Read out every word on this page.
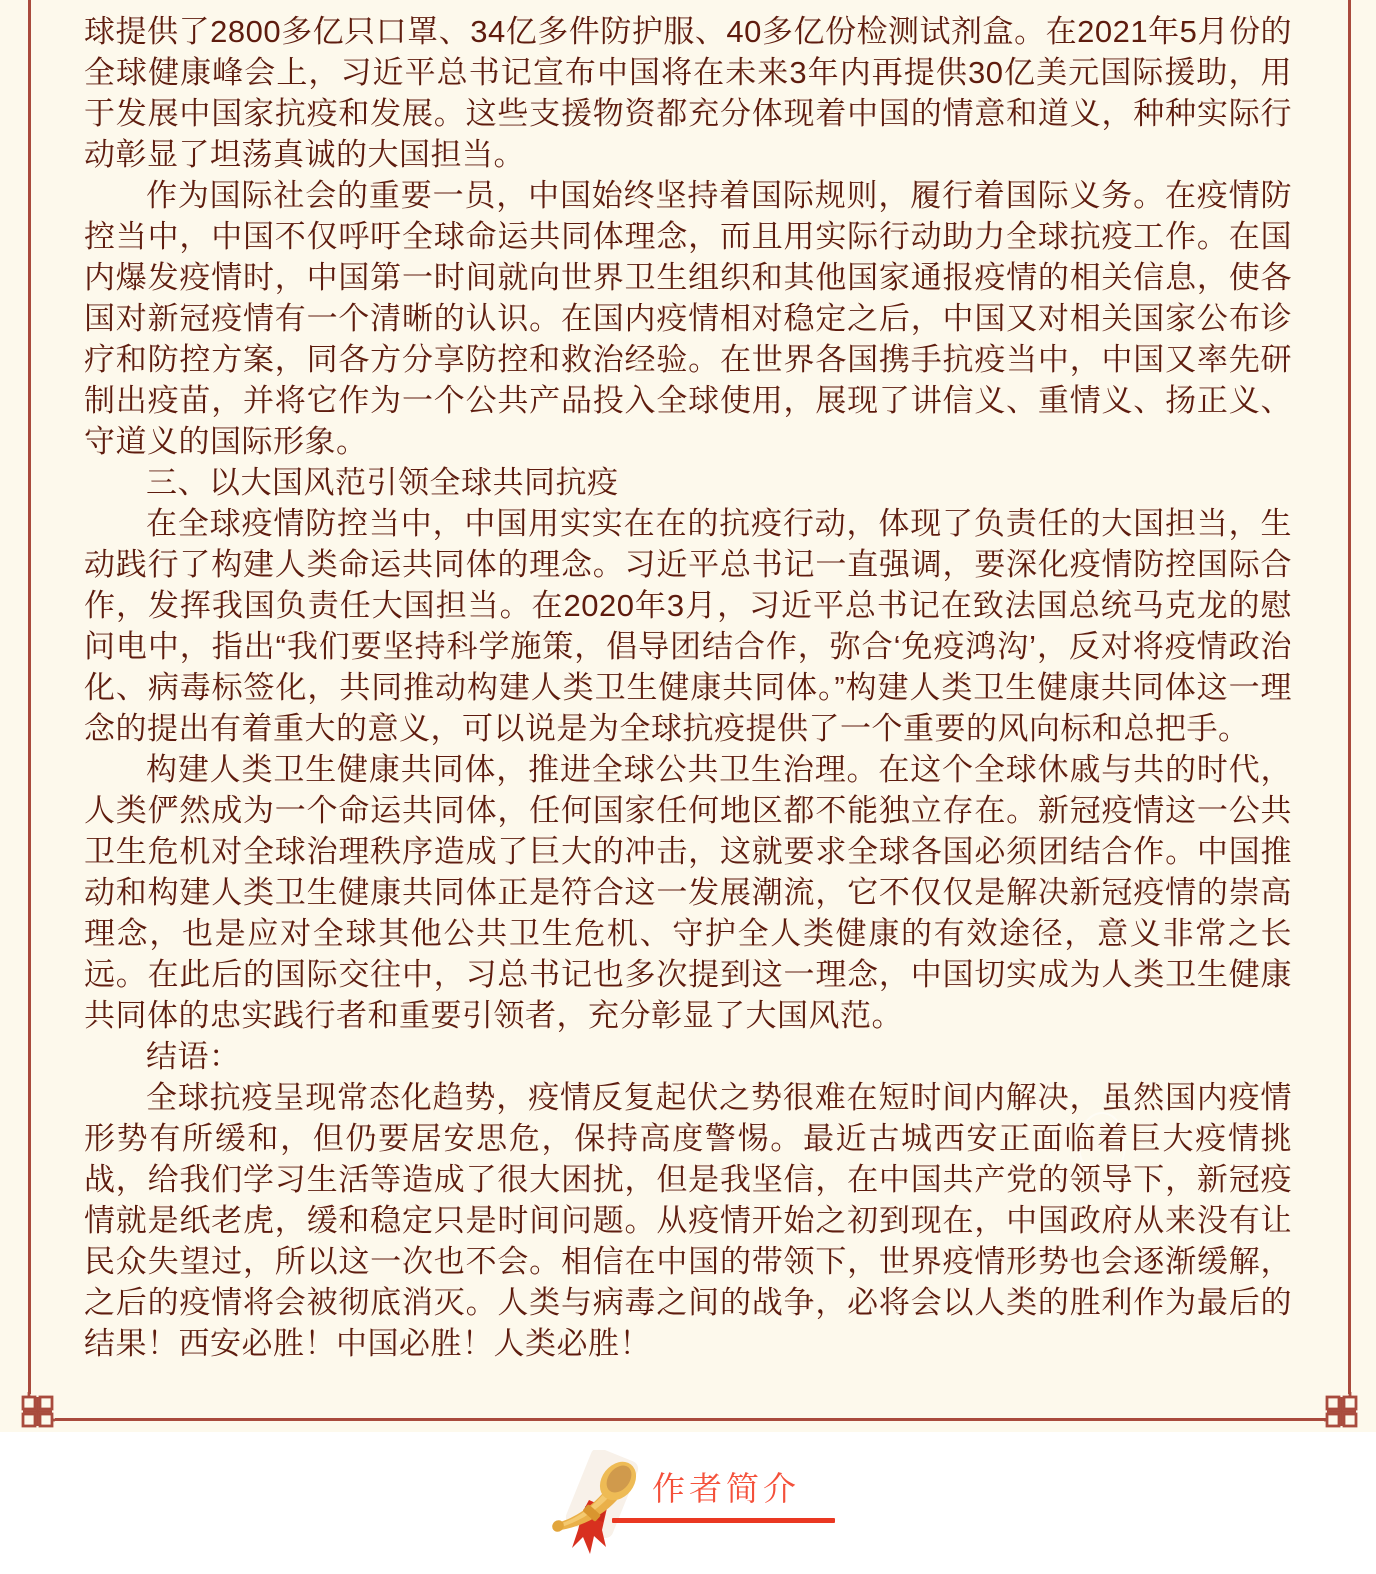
球提供了2800多亿只口罩、34亿多件防护服、40多亿份检测试剂盒。在2021年5月份的全球健康峰会上，习近平总书记宣布中国将在未来3年内再提供30亿美元国际援助，用于发展中国家抗疫和发展。这些支援物资都充分体现着中国的情意和道义，种种实际行动彰显了坦荡真诚的大国担当。

作为国际社会的重要一员，中国始终坚持着国际规则，履行着国际义务。在疫情防控当中，中国不仅呼吁全球命运共同体理念，而且用实际行动助力全球抗疫工作。在国内爆发疫情时，中国第一时间就向世界卫生组织和其他国家通报疫情的相关信息，使各国对新冠疫情有一个清晰的认识。在国内疫情相对稳定之后，中国又对相关国家公布诊疗和防控方案，同各方分享防控和救治经验。在世界各国携手抗疫当中，中国又率先研制出疫苗，并将它作为一个公共产品投入全球使用，展现了讲信义、重情义、扬正义、守道义的国际形象。

三、以大国风范引领全球共同抗疫

在全球疫情防控当中，中国用实实在在的抗疫行动，体现了负责任的大国担当，生动践行了构建人类命运共同体的理念。习近平总书记一直强调，要深化疫情防控国际合作，发挥我国负责任大国担当。在2020年3月，习近平总书记在致法国总统马克龙的慰问电中，指出“我们要坚持科学施策，倡导团结合作，弥合‘免疫鸿沟’，反对将疫情政治化、病毒标签化，共同推动构建人类卫生健康共同体。”构建人类卫生健康共同体这一理念的提出有着重大的意义，可以说是为全球抗疫提供了一个重要的风向标和总把手。

构建人类卫生健康共同体，推进全球公共卫生治理。在这个全球休戚与共的时代，人类俨然成为一个命运共同体，任何国家任何地区都不能独立存在。新冠疫情这一公共卫生危机对全球治理秩序造成了巨大的冲击，这就要求全球各国必须团结合作。中国推动和构建人类卫生健康共同体正是符合这一发展潮流，它不仅仅是解决新冠疫情的崇高理念，也是应对全球其他公共卫生危机、守护全人类健康的有效途径，意义非常之长远。在此后的国际交往中，习总书记也多次提到这一理念，中国切实成为人类卫生健康共同体的忠实践行者和重要引领者，充分彰显了大国风范。

结语：

全球抗疫呈现常态化趋势，疫情反复起伏之势很难在短时间内解决，虽然国内疫情形势有所缓和，但仍要居安思危，保持高度警惕。最近古城西安正面临着巨大疫情挑战，给我们学习生活等造成了很大困扰，但是我坚信，在中国共产党的领导下，新冠疫情就是纸老虎，缓和稳定只是时间问题。从疫情开始之初到现在，中国政府从来没有让民众失望过，所以这一次也不会。相信在中国的带领下，世界疫情形势也会逐渐缓解，之后的疫情将会被彻底消灭。人类与病毒之间的战争，必将会以人类的胜利作为最后的结果！西安必胜！中国必胜！人类必胜！

作者简介
